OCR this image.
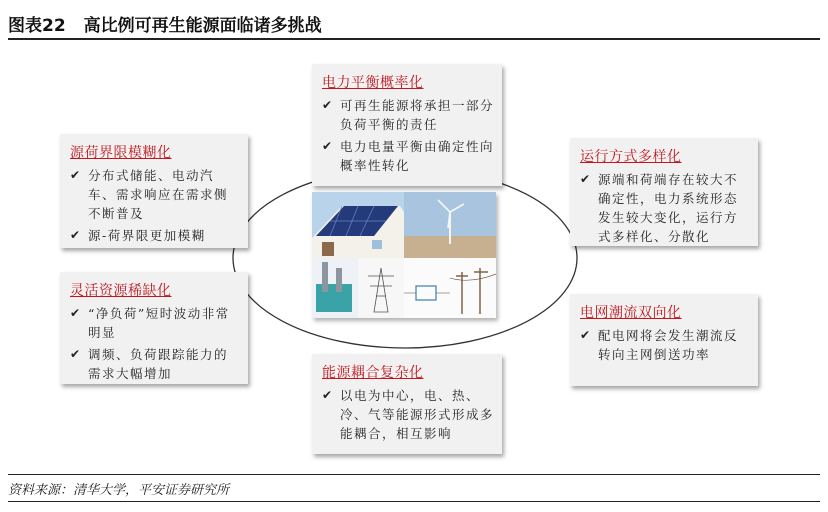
图表22 高比例可再生能源面临诸多挑战
电力平衡概率化
✔ 可再生能源将承担一部分负荷平衡的责任
✔ 电力电量平衡由确定性向概率性转化
源荷界限模糊化
✔ 分布式储能、电动汽车、需求响应在需求侧不断普及
✔ 源-荷界限更加模糊
灵活资源稀缺化
✔ “净负荷”短时波动非常明显
✔ 调频、负荷跟踪能力的需求大幅增加
运行方式多样化
✔ 源端和荷端存在较大不确定性，电力系统形态发生较大变化，运行方式多样化、分散化
电网潮流双向化
✔ 配电网将会发生潮流反转向主网倒送功率
能源耦合复杂化
✔ 以电为中心，电、热、冷、气等能源形式形成多能耦合，相互影响
资料来源：清华大学，平安证券研究所
